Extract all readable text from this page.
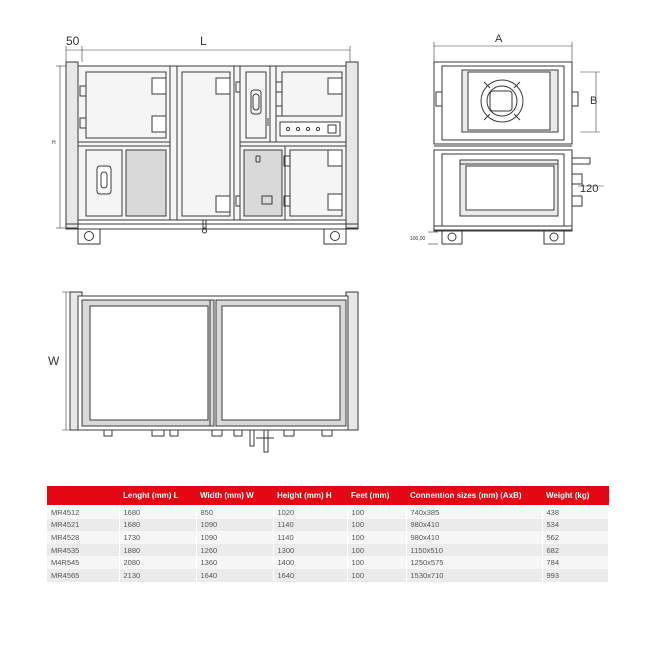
50	L
H
A
B
120
100,00
W
	Lenght (mm) L	Width (mm) W	Height (mm) H	Feet (mm)	Connention sizes (mm) (AxB)	Weight (kg)
MR4512	1680	850	1020	100	740x385	438
MR4521	1680	1090	1140	100	980x410	534
MR4528	1730	1090	1140	100	980x410	562
MR4535	1880	1260	1300	100	1150x510	682
M4R545	2080	1360	1400	100	1250x575	784
MR4565	2130	1640	1640	100	1530x710	993
